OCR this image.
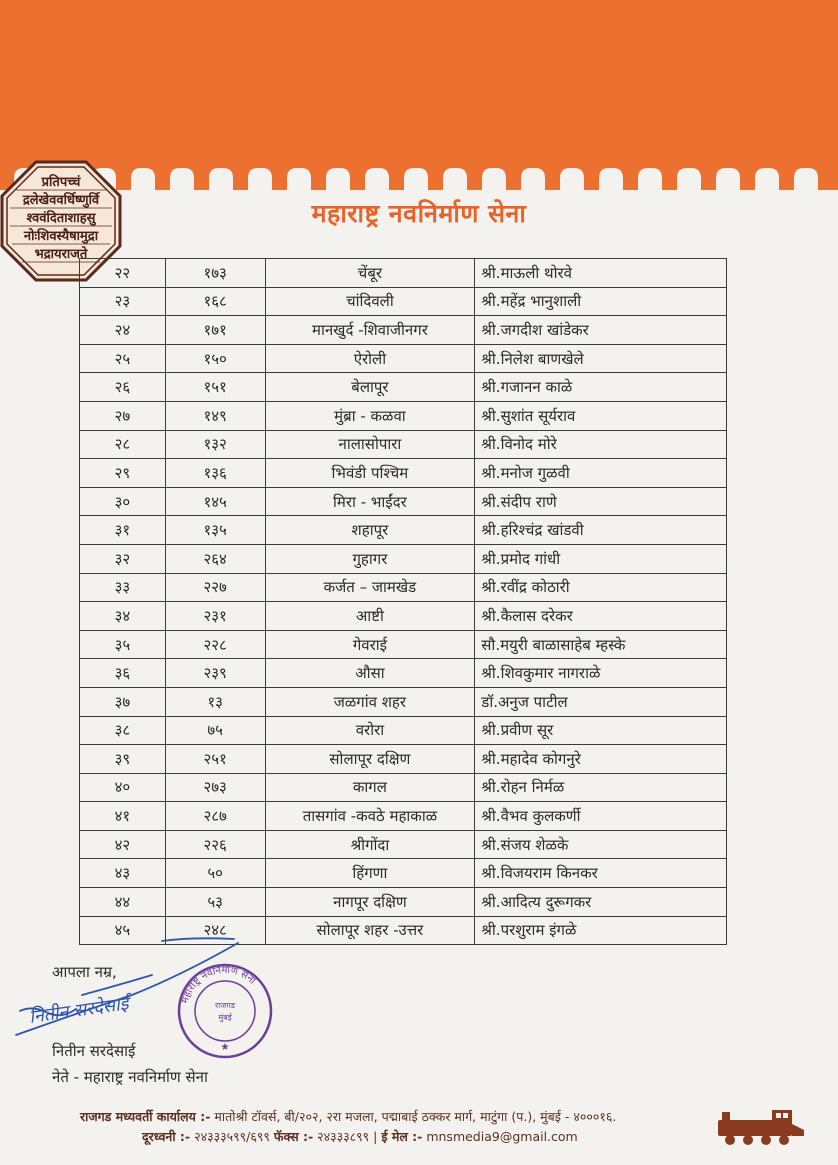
प्रतिपच्चं
द्रलेखेववर्धिष्णुर्वि
श्ववंदिताशाहसु
नोःशिवस्यैषामुद्रा
भद्रायराजते
महाराष्ट्र नवनिर्माण सेना
२२	१७३	चेंबूर	श्री.माऊली थोरवे
२३	१६८	चांदिवली	श्री.महेंद्र भानुशाली
२४	१७१	मानखुर्द -शिवाजीनगर	श्री.जगदीश खांडेकर
२५	१५०	ऐरोली	श्री.निलेश बाणखेले
२६	१५१	बेलापूर	श्री.गजानन काळे
२७	१४९	मुंब्रा - कळवा	श्री.सुशांत सूर्यराव
२८	१३२	नालासोपारा	श्री.विनोद मोरे
२९	१३६	भिवंडी पश्चिम	श्री.मनोज गुळवी
३०	१४५	मिरा - भाईंदर	श्री.संदीप राणे
३१	१३५	शहापूर	श्री.हरिश्चंद्र खांडवी
३२	२६४	गुहागर	श्री.प्रमोद गांधी
३३	२२७	कर्जत – जामखेड	श्री.रवींद्र कोठारी
३४	२३१	आष्टी	श्री.कैलास दरेकर
३५	२२८	गेवराई	सौ.मयुरी बाळासाहेब म्हस्के
३६	२३९	औसा	श्री.शिवकुमार नागराळे
३७	१३	जळगांव शहर	डॉ.अनुज पाटील
३८	७५	वरोरा	श्री.प्रवीण सूर
३९	२५१	सोलापूर दक्षिण	श्री.महादेव कोगनुरे
४०	२७३	कागल	श्री.रोहन निर्मळ
४१	२८७	तासगांव -कवठे महाकाळ	श्री.वैभव कुलकर्णी
४२	२२६	श्रीगोंदा	श्री.संजय शेळके
४३	५०	हिंगणा	श्री.विजयराम किनकर
४४	५३	नागपूर दक्षिण	श्री.आदित्य दुरूगकर
४५	२४८	सोलापूर शहर -उत्तर	श्री.परशुराम इंगळे
नितीन सरदेसाई
आपला नम्र,
नितीन सरदेसाई
नेते - महाराष्ट्र नवनिर्माण सेना
महाराष्ट्र नवनिर्माण सेना
राजगड
मुंबई
★
राजगड मध्यवर्ती कार्यालय :- मातोश्री टॉवर्स, बी/२०२, २रा मजला, पद्माबाई ठक्कर मार्ग, माटुंगा (प.), मुंबई - ४०००१६.
दूरध्वनी :- २४३३३५९९/६९९ फॅक्स :- २४३३३८९९ | ई मेल :- mnsmedia9@gmail.com
